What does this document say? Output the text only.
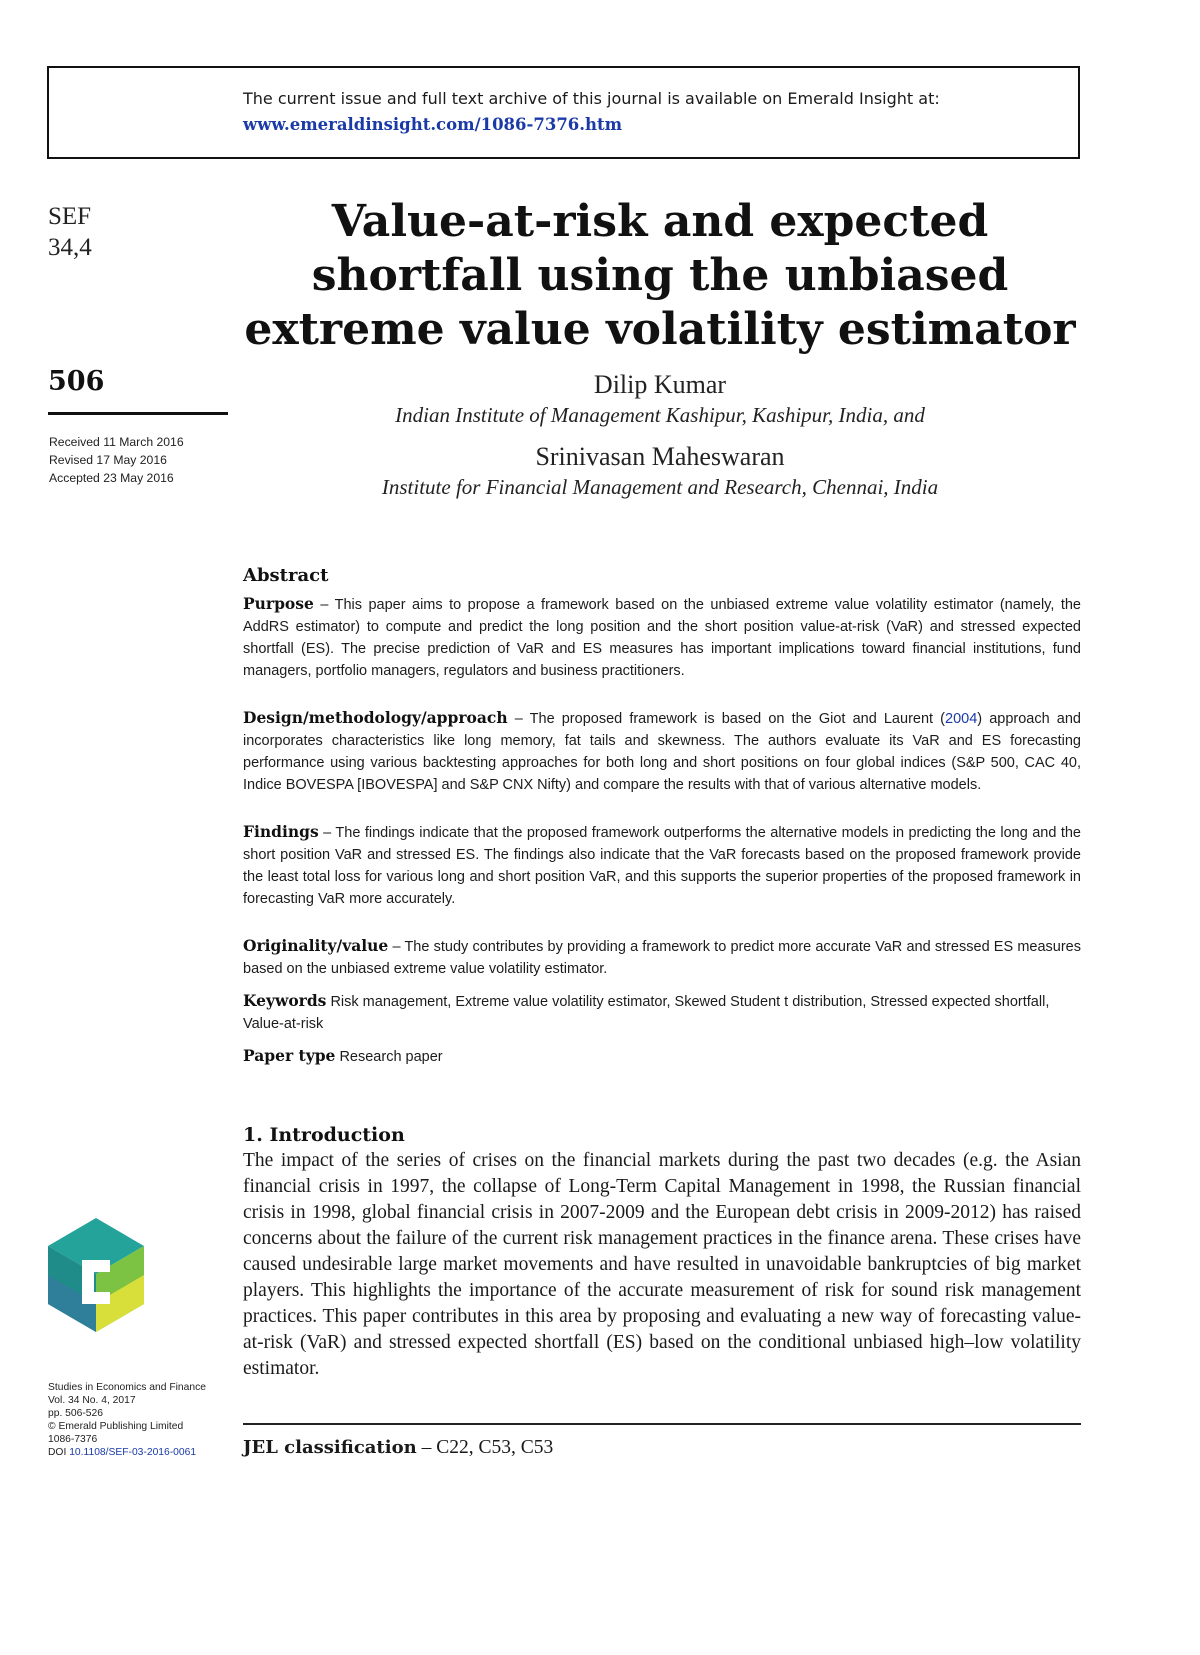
The current issue and full text archive of this journal is available on Emerald Insight at:
www.emeraldinsight.com/1086-7376.htm
SEF
34,4
506
Received 11 March 2016
Revised 17 May 2016
Accepted 23 May 2016
Studies in Economics and Finance
Vol. 34 No. 4, 2017
pp. 506-526
© Emerald Publishing Limited
1086-7376
DOI 10.1108/SEF-03-2016-0061
Value-at-risk and expected
shortfall using the unbiased
extreme value volatility estimator
Dilip Kumar
Indian Institute of Management Kashipur, Kashipur, India, and
Srinivasan Maheswaran
Institute for Financial Management and Research, Chennai, India
Abstract
Purpose – This paper aims to propose a framework based on the unbiased extreme value volatility estimator (namely, the AddRS estimator) to compute and predict the long position and the short position value-at-risk (VaR) and stressed expected shortfall (ES). The precise prediction of VaR and ES measures has important implications toward financial institutions, fund managers, portfolio managers, regulators and business practitioners.
Design/methodology/approach – The proposed framework is based on the Giot and Laurent (2004) approach and incorporates characteristics like long memory, fat tails and skewness. The authors evaluate its VaR and ES forecasting performance using various backtesting approaches for both long and short positions on four global indices (S&P 500, CAC 40, Indice BOVESPA [IBOVESPA] and S&P CNX Nifty) and compare the results with that of various alternative models.
Findings – The findings indicate that the proposed framework outperforms the alternative models in predicting the long and the short position VaR and stressed ES. The findings also indicate that the VaR forecasts based on the proposed framework provide the least total loss for various long and short position VaR, and this supports the superior properties of the proposed framework in forecasting VaR more accurately.
Originality/value – The study contributes by providing a framework to predict more accurate VaR and stressed ES measures based on the unbiased extreme value volatility estimator.
Keywords Risk management, Extreme value volatility estimator, Skewed Student t distribution, Stressed expected shortfall, Value-at-risk
Paper type Research paper
1. Introduction
The impact of the series of crises on the financial markets during the past two decades (e.g. the Asian financial crisis in 1997, the collapse of Long-Term Capital Management in 1998, the Russian financial crisis in 1998, global financial crisis in 2007-2009 and the European debt crisis in 2009-2012) has raised concerns about the failure of the current risk management practices in the finance arena. These crises have caused undesirable large market movements and have resulted in unavoidable bankruptcies of big market players. This highlights the importance of the accurate measurement of risk for sound risk management practices. This paper contributes in this area by proposing and evaluating a new way of forecasting value-at-risk (VaR) and stressed expected shortfall (ES) based on the conditional unbiased high–low volatility estimator.
JEL classification – C22, C53, C53
